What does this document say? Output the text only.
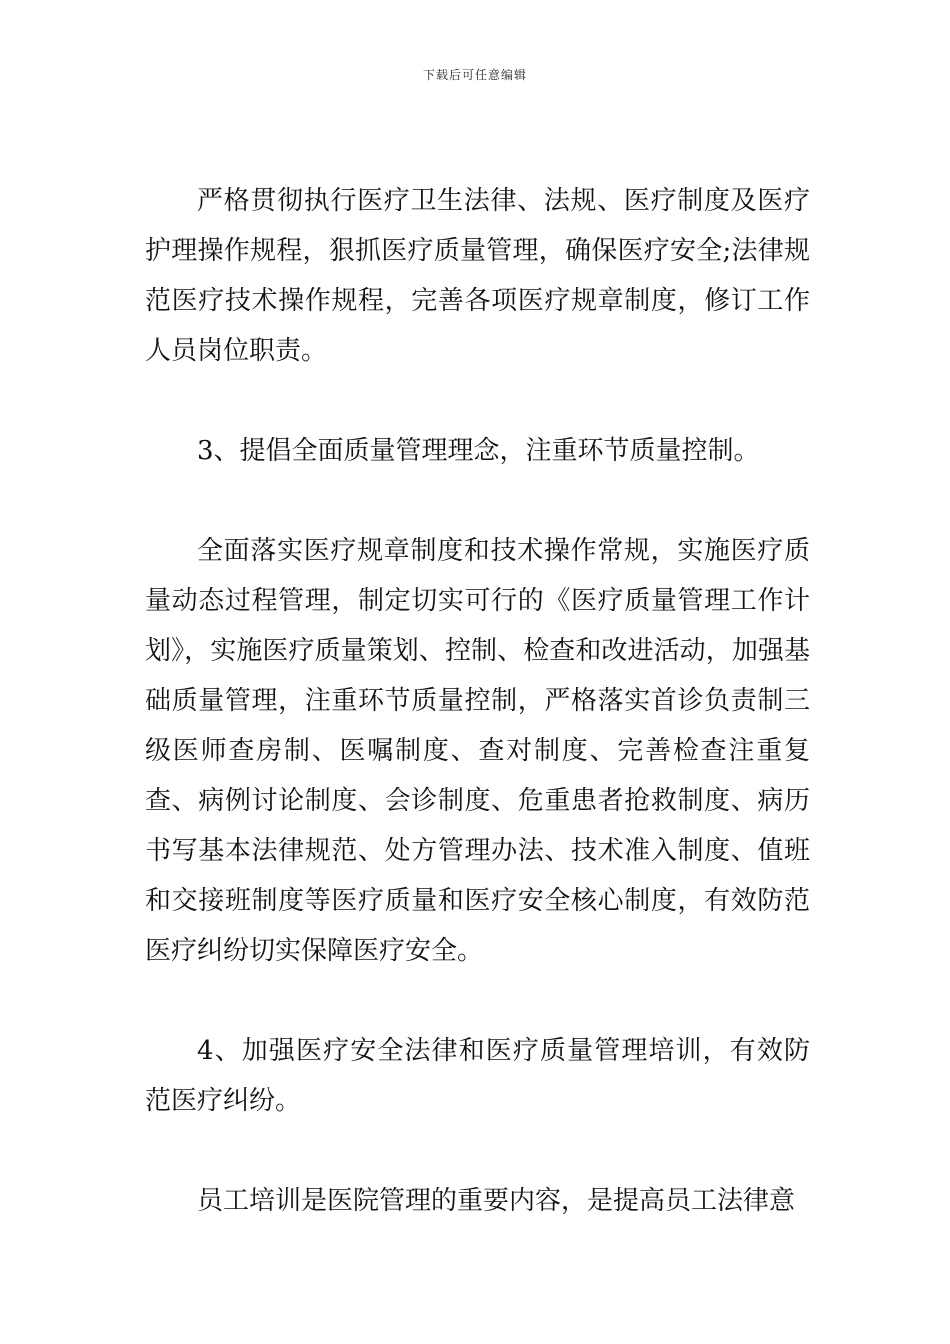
下载后可任意编辑

严格贯彻执行医疗卫生法律、法规、医疗制度及医疗护理操作规程，狠抓医疗质量管理，确保医疗安全;法律规范医疗技术操作规程，完善各项医疗规章制度，修订工作人员岗位职责。

3、提倡全面质量管理理念，注重环节质量控制。

全面落实医疗规章制度和技术操作常规，实施医疗质量动态过程管理，制定切实可行的《医疗质量管理工作计划》，实施医疗质量策划、控制、检查和改进活动，加强基础质量管理，注重环节质量控制，严格落实首诊负责制三级医师查房制、医嘱制度、查对制度、完善检查注重复查、病例讨论制度、会诊制度、危重患者抢救制度、病历书写基本法律规范、处方管理办法、技术准入制度、值班和交接班制度等医疗质量和医疗安全核心制度，有效防范医疗纠纷切实保障医疗安全。

4、加强医疗安全法律和医疗质量管理培训，有效防范医疗纠纷。

员工培训是医院管理的重要内容，是提高员工法律意
